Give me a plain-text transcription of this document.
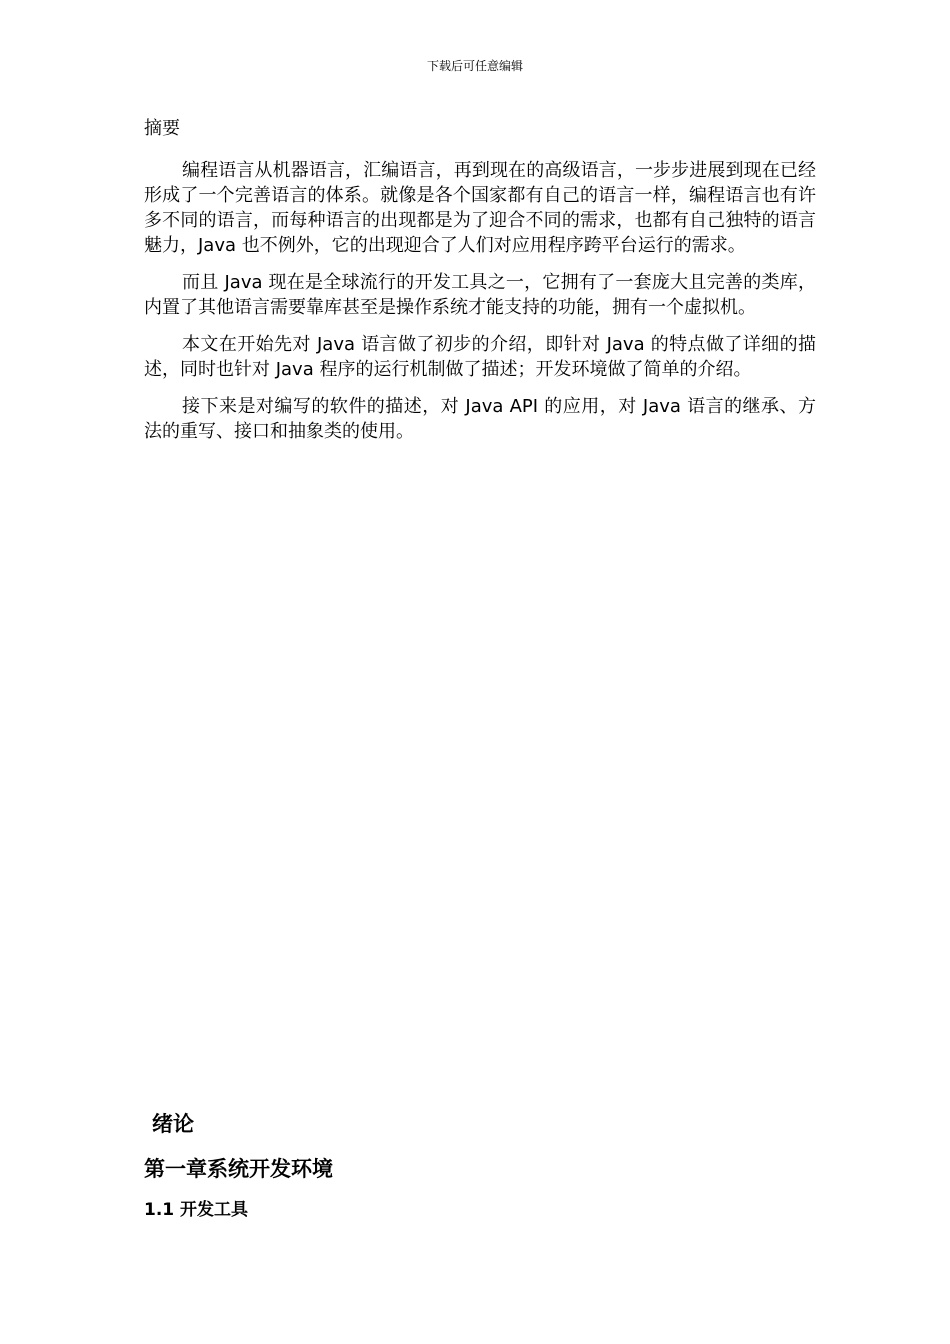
下载后可任意编辑
摘要

编程语言从机器语言，汇编语言，再到现在的高级语言，一步步进展到现在已经形成了一个完善语言的体系。就像是各个国家都有自己的语言一样，编程语言也有许多不同的语言，而每种语言的出现都是为了迎合不同的需求，也都有自己独特的语言魅力，Java 也不例外，它的出现迎合了人们对应用程序跨平台运行的需求。

而且 Java 现在是全球流行的开发工具之一，它拥有了一套庞大且完善的类库，内置了其他语言需要靠库甚至是操作系统才能支持的功能，拥有一个虚拟机。

本文在开始先对 Java 语言做了初步的介绍，即针对 Java 的特点做了详细的描述，同时也针对 Java 程序的运行机制做了描述；开发环境做了简单的介绍。

接下来是对编写的软件的描述，对 Java API 的应用，对 Java 语言的继承、方法的重写、接口和抽象类的使用。

绪论
第一章系统开发环境
1.1 开发工具
